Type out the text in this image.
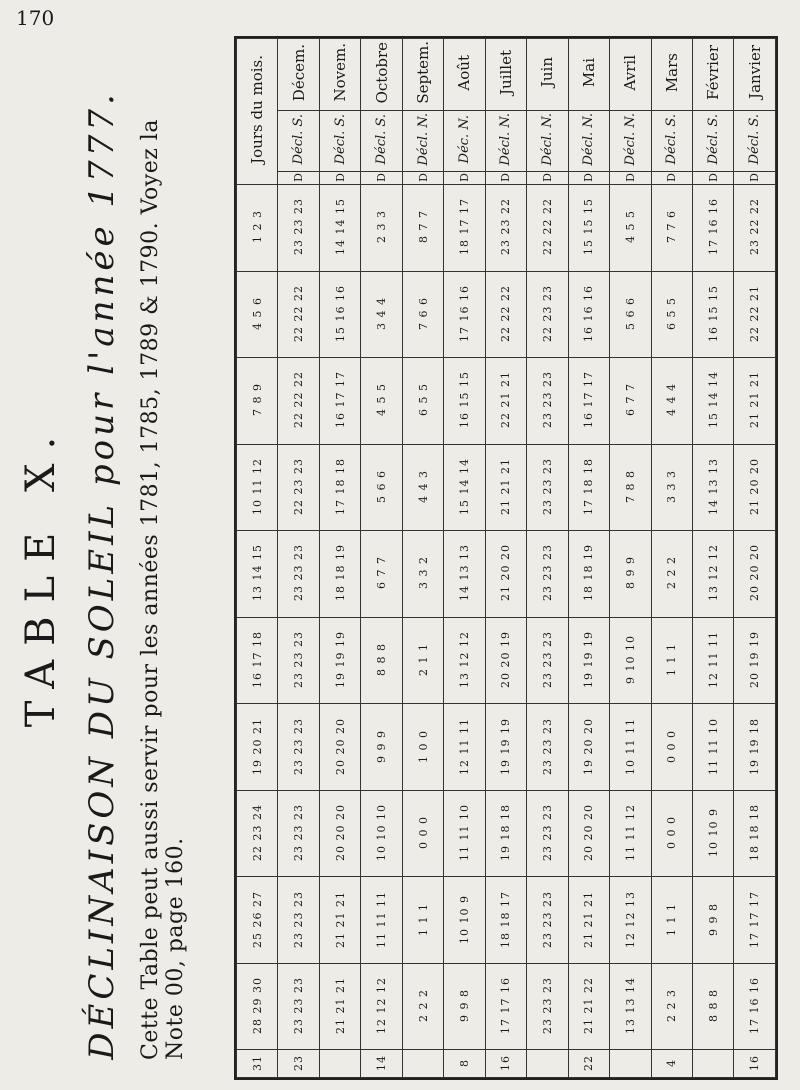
170
TABLE X. DÉCLINAISON DU SOLEIL pour l'année 1777. Cette Table peut aussi servir pour les années 1781, 1785, 1789 & 1790. Voyez la Note 00, page 160.
Jours du mois.	Décem.	Novem.	Octobre	Septem.	Août	Juillet	Juin	Mai	Avril	Mars	Février	Janvier
	Décl. S.	Décl. S.	Décl. S.	Décl. N.	Déc. N.	Décl. N.	Décl. N.	Décl. N.	Décl. N.	Décl. S.	Décl. S.	Décl. S.
	D	D	D	D	D	D	D	D	D	D	D	D
1 2 3	23 23 23	14 14 15	2 3 3	8 7 7	18 17 17	23 23 22	22 22 22	15 15 15	4 5 5	7 7 6	17 16 16	23 22 22
4 5 6	22 22 22	15 16 16	3 4 4	7 6 6	17 16 16	22 22 22	22 23 23	16 16 16	5 6 6	6 5 5	16 15 15	22 22 21
7 8 9	22 22 22	16 17 17	4 5 5	6 5 5	16 15 15	22 21 21	23 23 23	16 17 17	6 7 7	4 4 4	15 14 14	21 21 21
10 11 12	22 23 23	17 18 18	5 6 6	4 4 3	15 14 14	21 21 21	23 23 23	17 18 18	7 8 8	3 3 3	14 13 13	21 20 20
13 14 15	23 23 23	18 18 19	6 7 7	3 3 2	14 13 13	21 20 20	23 23 23	18 18 19	8 9 9	2 2 2	13 12 12	20 20 20
16 17 18	23 23 23	19 19 19	8 8 8	2 1 1	13 12 12	20 20 19	23 23 23	19 19 19	9 10 10	1 1 1	12 11 11	20 19 19
19 20 21	23 23 23	20 20 20	9 9 9	1 0 0	12 11 11	19 19 19	23 23 23	19 20 20	10 11 11	0 0 0	11 11 10	19 19 18
22 23 24	23 23 23	20 20 20	10 10 10	0 0 0	11 11 10	19 18 18	23 23 23	20 20 20	11 11 12	0 0 0	10 10 9	18 18 18
25 26 27	23 23 23	21 21 21	11 11 11	1 1 1	10 10 9	18 18 17	23 23 23	21 21 21	12 12 13	1 1 1	9 9 8	17 17 17
28 29 30	23 23 23	21 21 21	12 12 12	2 2 2	9 9 8	17 17 16	23 23 23	21 21 22	13 13 14	2 2 3	8 8 8	17 16 16
31	23		14		8	16		22		4		16
